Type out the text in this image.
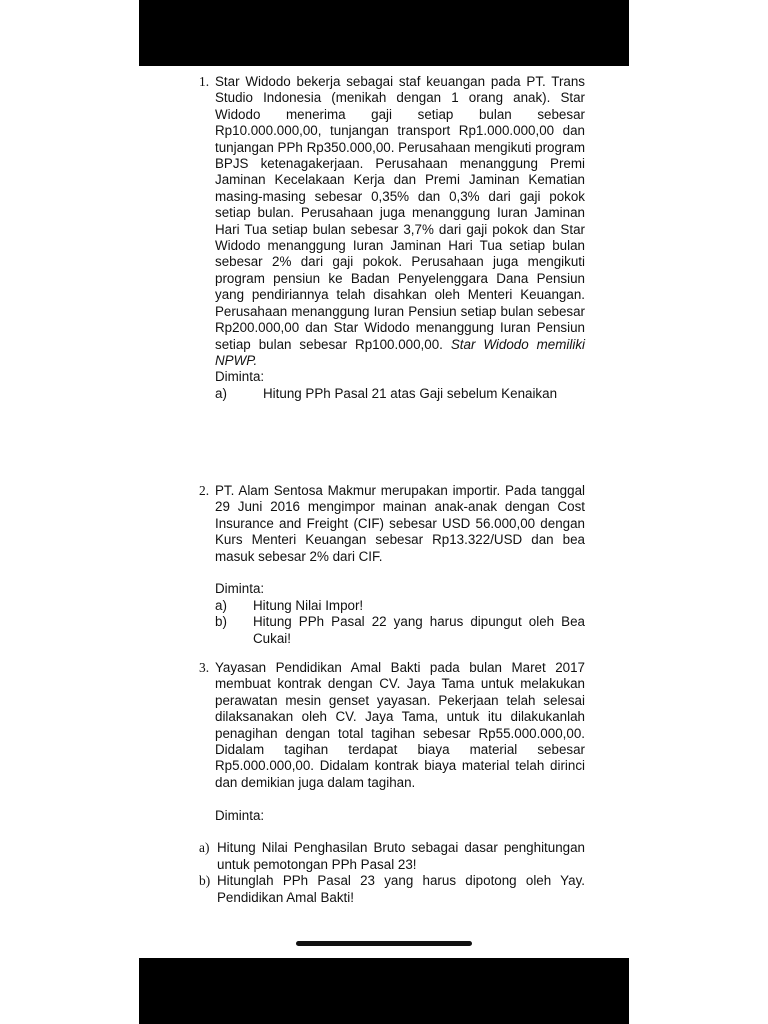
1. Star Widodo bekerja sebagai staf keuangan pada PT. Trans Studio Indonesia (menikah dengan 1 orang anak). Star Widodo menerima gaji setiap bulan sebesar Rp10.000.000,00, tunjangan transport Rp1.000.000,00 dan tunjangan PPh Rp350.000,00. Perusahaan mengikuti program BPJS ketenagakerjaan. Perusahaan menanggung Premi Jaminan Kecelakaan Kerja dan Premi Jaminan Kematian masing-masing sebesar 0,35% dan 0,3% dari gaji pokok setiap bulan. Perusahaan juga menanggung Iuran Jaminan Hari Tua setiap bulan sebesar 3,7% dari gaji pokok dan Star Widodo menanggung Iuran Jaminan Hari Tua setiap bulan sebesar 2% dari gaji pokok. Perusahaan juga mengikuti program pensiun ke Badan Penyelenggara Dana Pensiun yang pendiriannya telah disahkan oleh Menteri Keuangan. Perusahaan menanggung Iuran Pensiun setiap bulan sebesar Rp200.000,00 dan Star Widodo menanggung Iuran Pensiun setiap bulan sebesar Rp100.000,00. Star Widodo memiliki NPWP.
Diminta:
a)	Hitung PPh Pasal 21 atas Gaji sebelum Kenaikan
2. PT. Alam Sentosa Makmur merupakan importir. Pada tanggal 29 Juni 2016 mengimpor mainan anak-anak dengan Cost Insurance and Freight (CIF) sebesar USD 56.000,00 dengan Kurs Menteri Keuangan sebesar Rp13.322/USD dan bea masuk sebesar 2% dari CIF.
Diminta:
a)	Hitung Nilai Impor!
b)	Hitung PPh Pasal 22 yang harus dipungut oleh Bea Cukai!
3. Yayasan Pendidikan Amal Bakti pada bulan Maret 2017 membuat kontrak dengan CV. Jaya Tama untuk melakukan perawatan mesin genset yayasan. Pekerjaan telah selesai dilaksanakan oleh CV. Jaya Tama, untuk itu dilakukanlah penagihan dengan total tagihan sebesar Rp55.000.000,00. Didalam tagihan terdapat biaya material sebesar Rp5.000.000,00. Didalam kontrak biaya material telah dirinci dan demikian juga dalam tagihan.
Diminta:
a) Hitung Nilai Penghasilan Bruto sebagai dasar penghitungan untuk pemotongan PPh Pasal 23!
b) Hitunglah PPh Pasal 23 yang harus dipotong oleh Yay. Pendidikan Amal Bakti!
